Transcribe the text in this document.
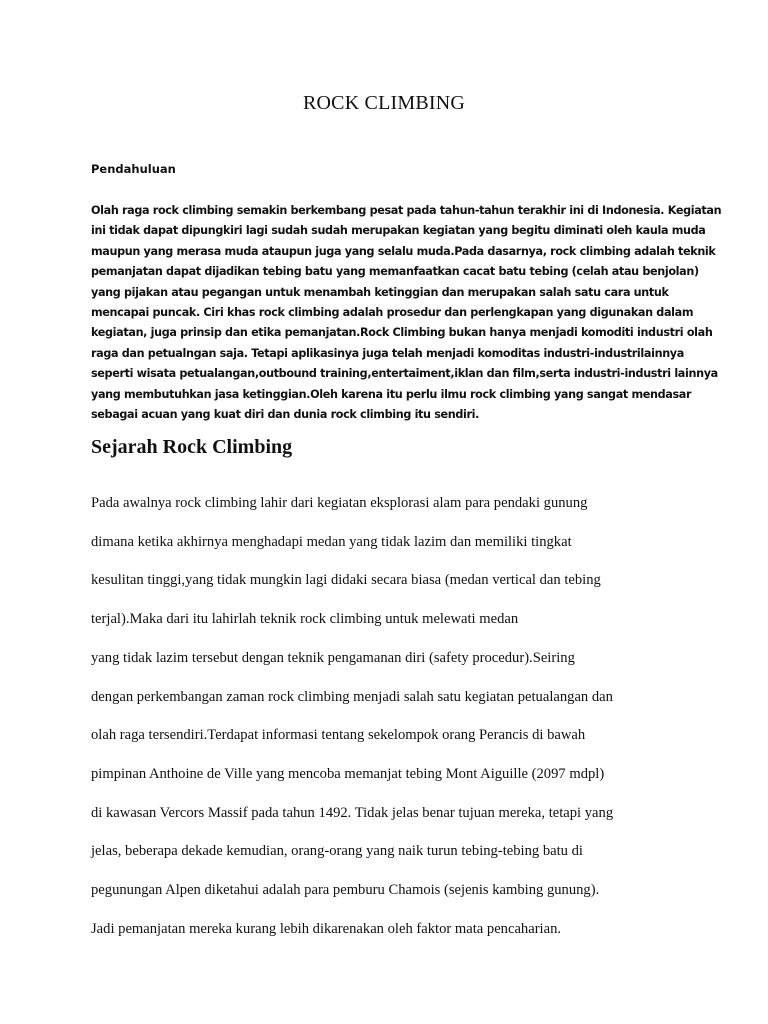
ROCK CLIMBING
Pendahuluan

Olah raga rock climbing semakin berkembang pesat pada tahun-tahun terakhir ini di Indonesia. Kegiatan
ini tidak dapat dipungkiri lagi sudah sudah merupakan kegiatan yang begitu diminati oleh kaula muda
maupun yang merasa muda ataupun juga yang selalu muda.Pada dasarnya, rock climbing adalah teknik
pemanjatan dapat dijadikan tebing batu yang memanfaatkan cacat batu tebing (celah atau benjolan)
yang pijakan atau pegangan untuk menambah ketinggian dan merupakan salah satu cara untuk
mencapai puncak. Ciri khas rock climbing adalah prosedur dan perlengkapan yang digunakan dalam
kegiatan, juga prinsip dan etika pemanjatan.Rock Climbing bukan hanya menjadi komoditi industri olah
raga dan petualngan saja. Tetapi aplikasinya juga telah menjadi komoditas industri-industrilainnya
seperti wisata petualangan,outbound training,entertaiment,iklan dan film,serta industri-industri lainnya
yang membutuhkan jasa ketinggian.Oleh karena itu perlu ilmu rock climbing yang sangat mendasar
sebagai acuan yang kuat diri dan dunia rock climbing itu sendiri.

Sejarah Rock Climbing

Pada awalnya rock climbing lahir dari kegiatan eksplorasi alam para pendaki gunung
dimana ketika akhirnya menghadapi medan yang tidak lazim dan memiliki tingkat
kesulitan tinggi,yang tidak mungkin lagi didaki secara biasa (medan vertical dan tebing
terjal).Maka dari itu lahirlah teknik rock climbing untuk melewati medan
yang tidak lazim tersebut dengan teknik pengamanan diri (safety procedur).Seiring
dengan perkembangan zaman rock climbing menjadi salah satu kegiatan petualangan dan
olah raga tersendiri.Terdapat informasi tentang sekelompok orang Perancis di bawah
pimpinan Anthoine de Ville yang mencoba memanjat tebing Mont Aiguille (2097 mdpl)
di kawasan Vercors Massif pada tahun 1492. Tidak jelas benar tujuan mereka, tetapi yang
jelas, beberapa dekade kemudian, orang-orang yang naik turun tebing-tebing batu di
pegunungan Alpen diketahui adalah para pemburu Chamois (sejenis kambing gunung).
Jadi pemanjatan mereka kurang lebih dikarenakan oleh faktor mata pencaharian.
